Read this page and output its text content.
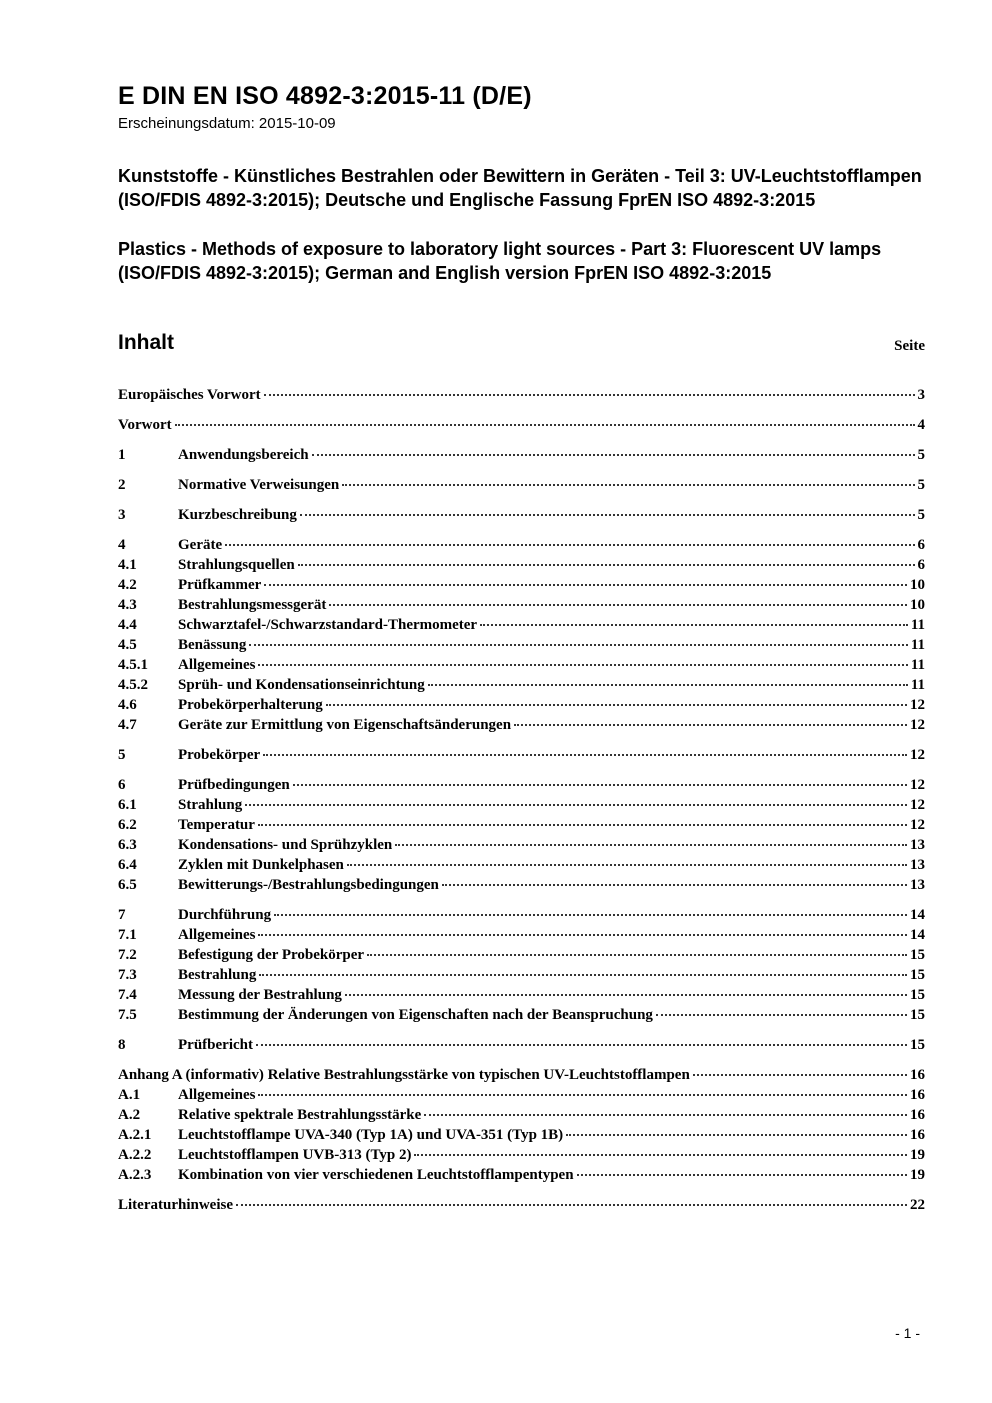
E DIN EN ISO 4892-3:2015-11 (D/E)
Erscheinungsdatum: 2015-10-09

Kunststoffe - Künstliches Bestrahlen oder Bewittern in Geräten - Teil 3: UV-Leuchtstofflampen (ISO/FDIS 4892-3:2015); Deutsche und Englische Fassung FprEN ISO 4892-3:2015

Plastics - Methods of exposure to laboratory light sources - Part 3: Fluorescent UV lamps (ISO/FDIS 4892-3:2015); German and English version FprEN ISO 4892-3:2015

Inhalt	Seite
Europäisches Vorwort	3
Vorwort	4
1	Anwendungsbereich	5
2	Normative Verweisungen	5
3	Kurzbeschreibung	5
4	Geräte	6
4.1	Strahlungsquellen	6
4.2	Prüfkammer	10
4.3	Bestrahlungsmessgerät	10
4.4	Schwarztafel-/Schwarzstandard-Thermometer	11
4.5	Benässung	11
4.5.1	Allgemeines	11
4.5.2	Sprüh- und Kondensationseinrichtung	11
4.6	Probekörperhalterung	12
4.7	Geräte zur Ermittlung von Eigenschaftsänderungen	12
5	Probekörper	12
6	Prüfbedingungen	12
6.1	Strahlung	12
6.2	Temperatur	12
6.3	Kondensations- und Sprühzyklen	13
6.4	Zyklen mit Dunkelphasen	13
6.5	Bewitterungs-/Bestrahlungsbedingungen	13
7	Durchführung	14
7.1	Allgemeines	14
7.2	Befestigung der Probekörper	15
7.3	Bestrahlung	15
7.4	Messung der Bestrahlung	15
7.5	Bestimmung der Änderungen von Eigenschaften nach der Beanspruchung	15
8	Prüfbericht	15
Anhang A (informativ) Relative Bestrahlungsstärke von typischen UV-Leuchtstofflampen	16
A.1	Allgemeines	16
A.2	Relative spektrale Bestrahlungsstärke	16
A.2.1	Leuchtstofflampe UVA-340 (Typ 1A) und UVA-351 (Typ 1B)	16
A.2.2	Leuchtstofflampen UVB-313 (Typ 2)	19
A.2.3	Kombination von vier verschiedenen Leuchtstofflampentypen	19
Literaturhinweise	22
- 1 -
